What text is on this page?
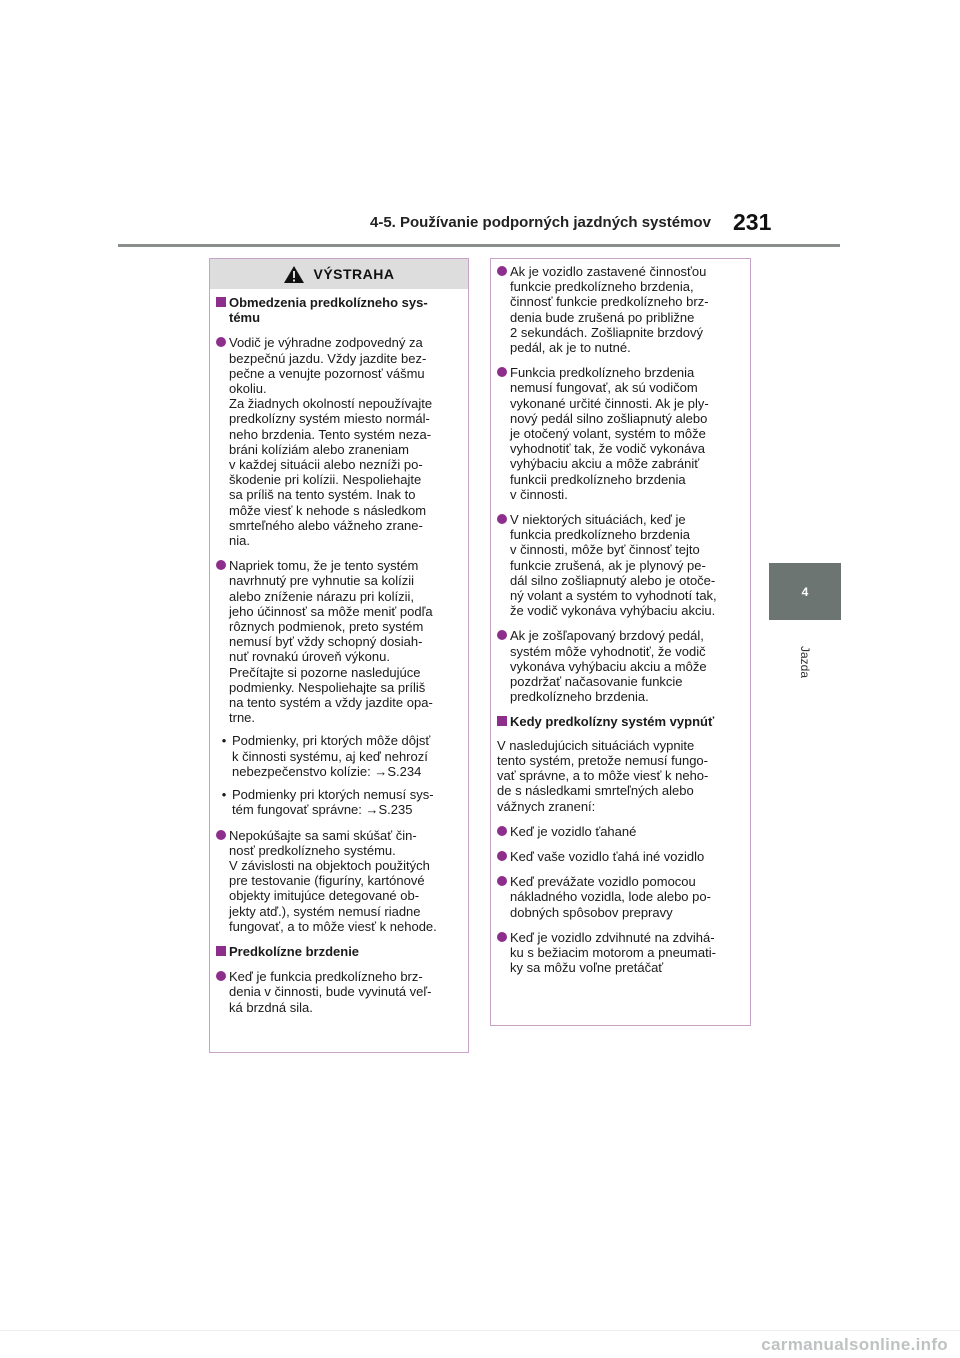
4-5. Používanie podporných jazdných systémov 231
4
Jazda
VÝSTRAHA
Obmedzenia predkolízneho sys-
tému
Vodič je výhradne zodpovedný za
bezpečnú jazdu. Vždy jazdite bez-
pečne a venujte pozornosť vášmu
okoliu.
Za žiadnych okolností nepoužívajte
predkolízny systém miesto normál-
neho brzdenia. Tento systém neza-
bráni kolíziám alebo zraneniam
v každej situácii alebo nezníži po-
škodenie pri kolízii. Nespoliehajte
sa príliš na tento systém. Inak to
môže viesť k nehode s následkom
smrteľného alebo vážneho zrane-
nia.
Napriek tomu, že je tento systém
navrhnutý pre vyhnutie sa kolízii
alebo zníženie nárazu pri kolízii,
jeho účinnosť sa môže meniť podľa
rôznych podmienok, preto systém
nemusí byť vždy schopný dosiah-
nuť rovnakú úroveň výkonu.
Prečítajte si pozorne nasledujúce
podmienky. Nespoliehajte sa príliš
na tento systém a vždy jazdite opa-
trne.
• Podmienky, pri ktorých môže dôjsť
k činnosti systému, aj keď nehrozí
nebezpečenstvo kolízie: →S.234
• Podmienky pri ktorých nemusí sys-
tém fungovať správne: →S.235
Nepokúšajte sa sami skúšať čin-
nosť predkolízneho systému.
V závislosti na objektoch použitých
pre testovanie (figuríny, kartónové
objekty imitujúce detegované ob-
jekty atď.), systém nemusí riadne
fungovať, a to môže viesť k nehode.
Predkolízne brzdenie
Keď je funkcia predkolízneho brz-
denia v činnosti, bude vyvinutá veľ-
ká brzdná sila.
Ak je vozidlo zastavené činnosťou
funkcie predkolízneho brzdenia,
činnosť funkcie predkolízneho brz-
denia bude zrušená po približne
2 sekundách. Zošliapnite brzdový
pedál, ak je to nutné.
Funkcia predkolízneho brzdenia
nemusí fungovať, ak sú vodičom
vykonané určité činnosti. Ak je ply-
nový pedál silno zošliapnutý alebo
je otočený volant, systém to môže
vyhodnotiť tak, že vodič vykonáva
vyhýbaciu akciu a môže zabrániť
funkcii predkolízneho brzdenia
v činnosti.
V niektorých situáciách, keď je
funkcia predkolízneho brzdenia
v činnosti, môže byť činnosť tejto
funkcie zrušená, ak je plynový pe-
dál silno zošliapnutý alebo je otoče-
ný volant a systém to vyhodnotí tak,
že vodič vykonáva vyhýbaciu akciu.
Ak je zošľapovaný brzdový pedál,
systém môže vyhodnotiť, že vodič
vykonáva vyhýbaciu akciu a môže
pozdržať načasovanie funkcie
predkolízneho brzdenia.
Kedy predkolízny systém vypnúť
V nasledujúcich situáciách vypnite
tento systém, pretože nemusí fungo-
vať správne, a to môže viesť k neho-
de s následkami smrteľných alebo
vážnych zranení:
Keď je vozidlo ťahané
Keď vaše vozidlo ťahá iné vozidlo
Keď prevážate vozidlo pomocou
nákladného vozidla, lode alebo po-
dobných spôsobov prepravy
Keď je vozidlo zdvihnuté na zdvihá-
ku s bežiacim motorom a pneumati-
ky sa môžu voľne pretáčať
carmanualsonline.info
